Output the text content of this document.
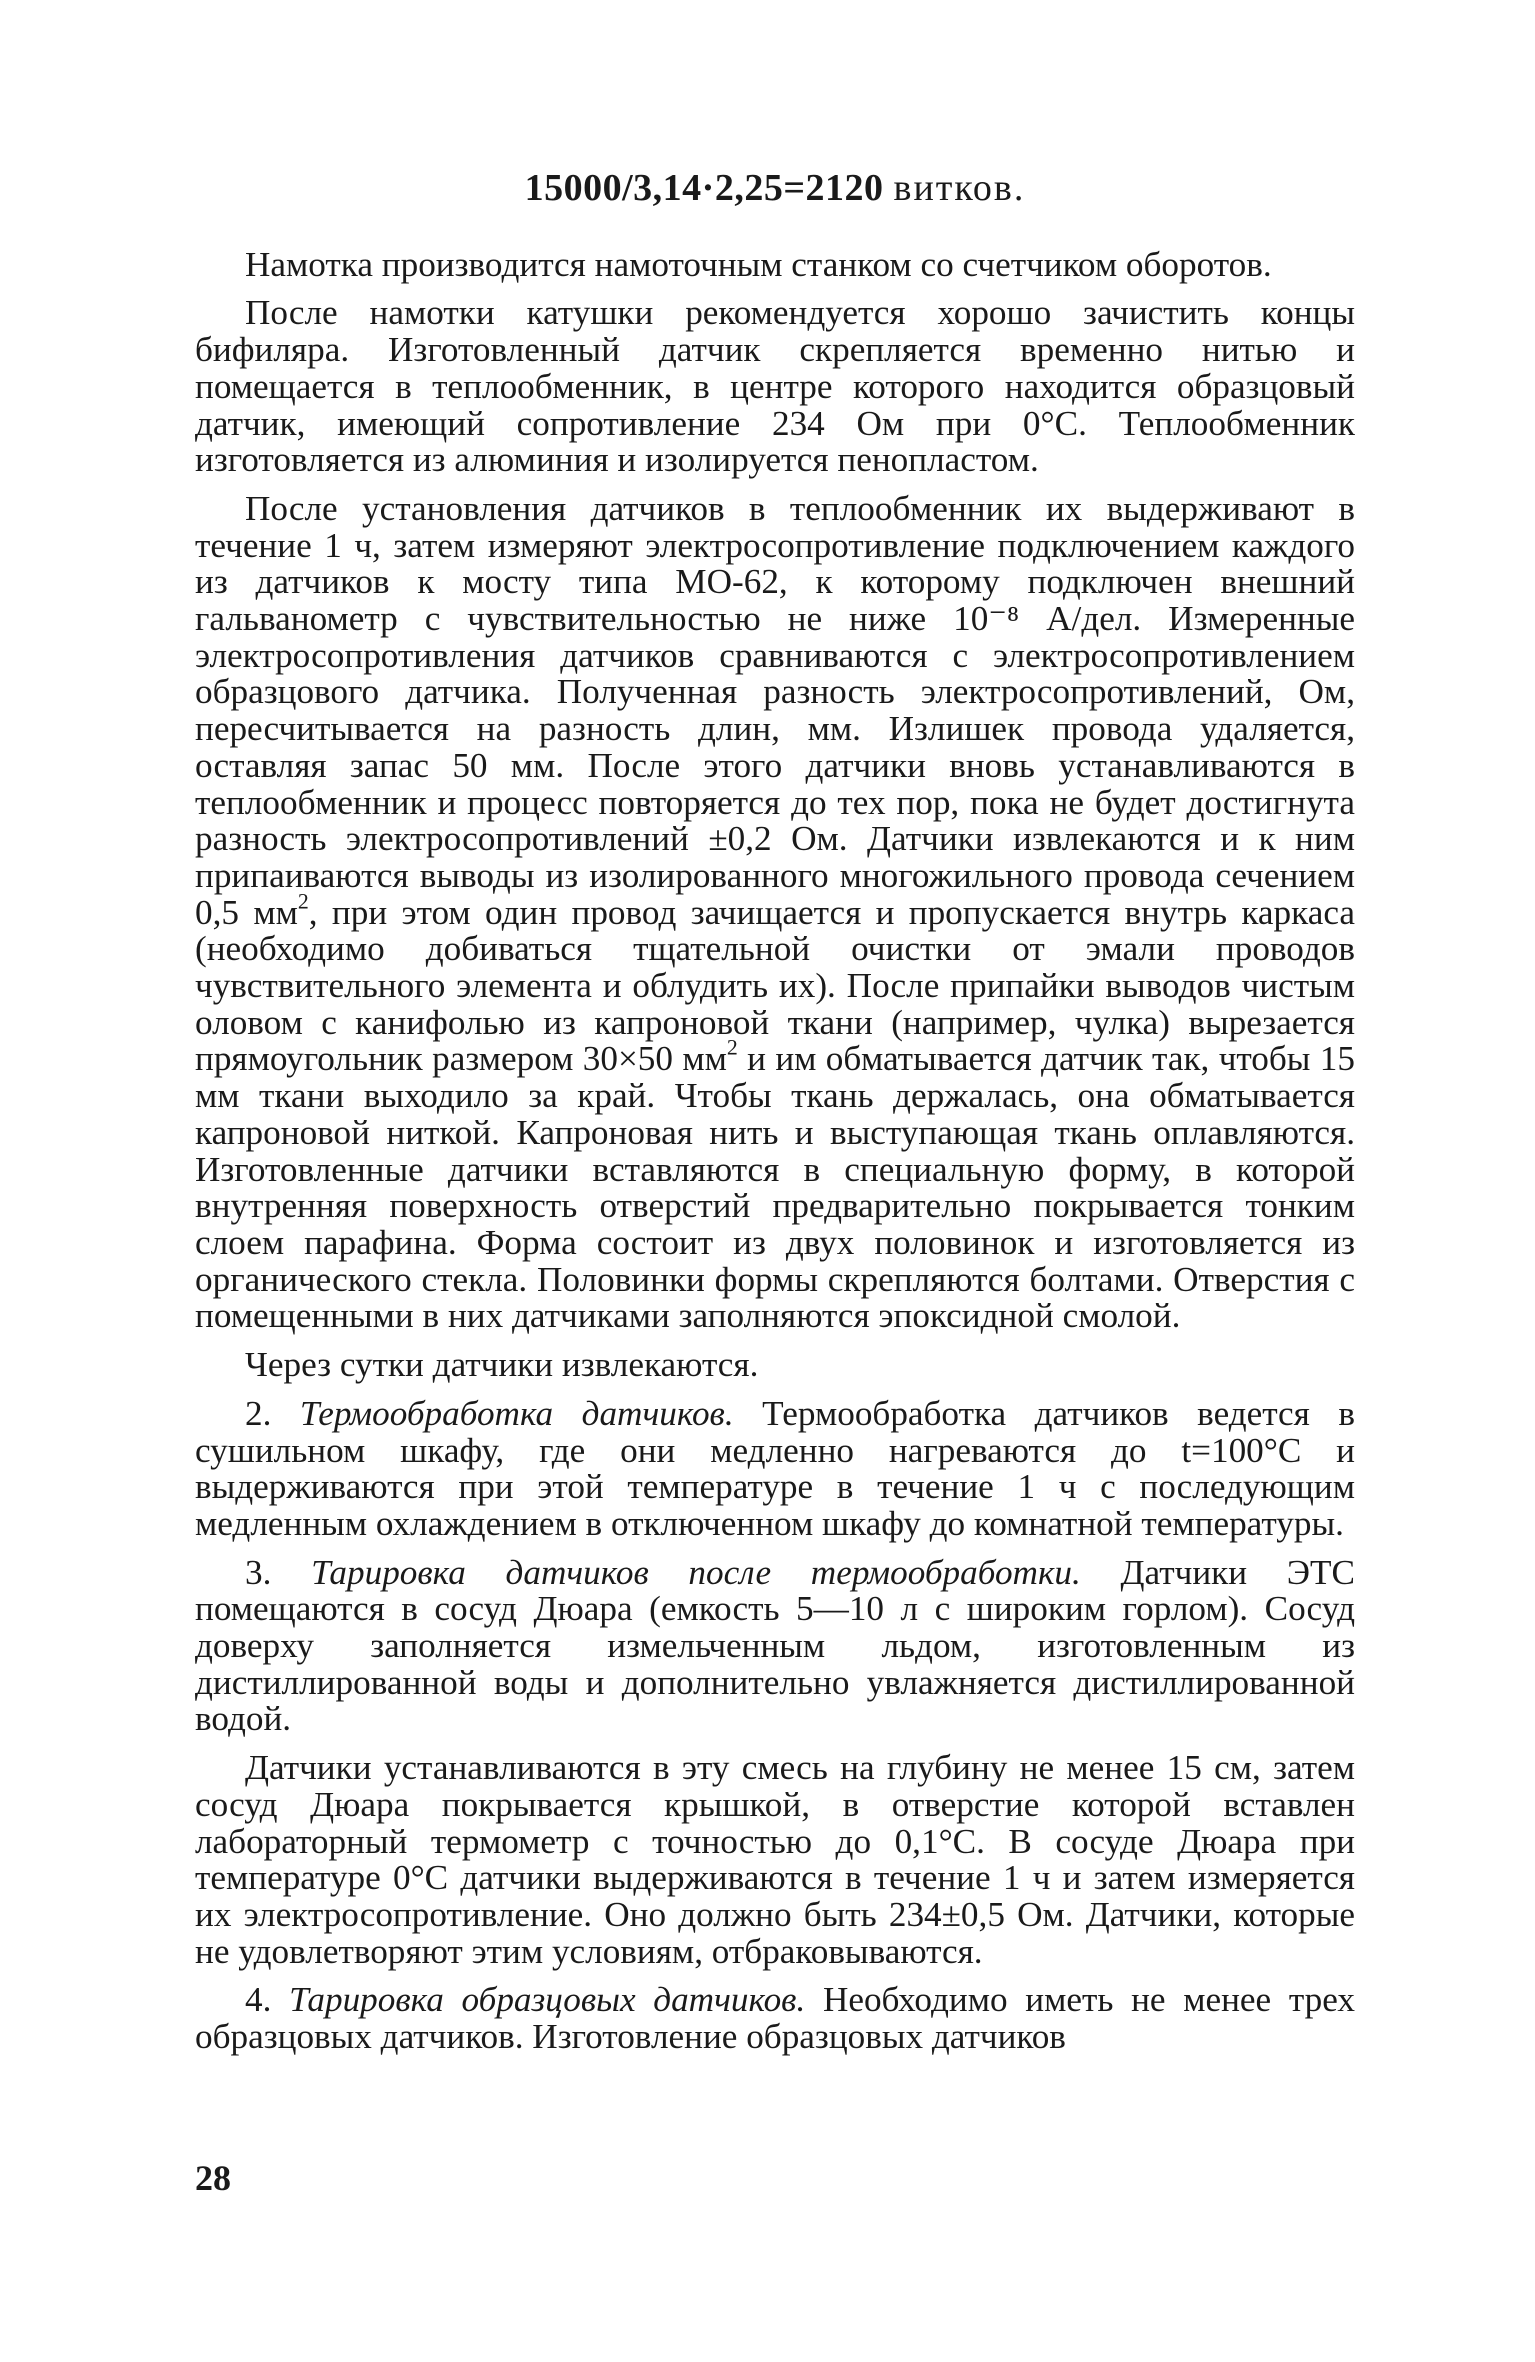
15000/3,14·2,25=2120 витков.

Намотка производится намоточным станком со счетчиком оборотов.

После намотки катушки рекомендуется хорошо зачистить концы бифиляра. Изготовленный датчик скрепляется временно нитью и помещается в теплообменник, в центре которого находится образцовый датчик, имеющий сопротивление 234 Ом при 0°С. Теплообменник изготовляется из алюминия и изолируется пенопластом.

После установления датчиков в теплообменник их выдерживают в течение 1 ч, затем измеряют электросопротивление подключением каждого из датчиков к мосту типа МО-62, к которому подключен внешний гальванометр с чувствительностью не ниже 10⁻⁸ А/дел. Измеренные электросопротивления датчиков сравниваются с электросопротивлением образцового датчика. Полученная разность электросопротивлений, Ом, пересчитывается на разность длин, мм. Излишек провода удаляется, оставляя запас 50 мм. После этого датчики вновь устанавливаются в теплообменник и процесс повторяется до тех пор, пока не будет достигнута разность электросопротивлений ±0,2 Ом. Датчики извлекаются и к ним припаиваются выводы из изолированного многожильного провода сечением 0,5 $мм^2$, при этом один провод зачищается и пропускается внутрь каркаса (необходимо добиваться тщательной очистки от эмали проводов чувствительного элемента и облудить их). После припайки выводов чистым оловом с канифолью из капроновой ткани (например, чулка) вырезается прямоугольник размером 30×50 $мм^2$ и им обматывается датчик так, чтобы 15 мм ткани выходило за край. Чтобы ткань держалась, она обматывается капроновой ниткой. Капроновая нить и выступающая ткань оплавляются. Изготовленные датчики вставляются в специальную форму, в которой внутренняя поверхность отверстий предварительно покрывается тонким слоем парафина. Форма состоит из двух половинок и изготовляется из органического стекла. Половинки формы скрепляются болтами. Отверстия с помещенными в них датчиками заполняются эпоксидной смолой.

Через сутки датчики извлекаются.

2. Термообработка датчиков. Термообработка датчиков ведется в сушильном шкафу, где они медленно нагреваются до t=100°С и выдерживаются при этой температуре в течение 1 ч с последующим медленным охлаждением в отключенном шкафу до комнатной температуры.

3. Тарировка датчиков после термообработки. Датчики ЭТС помещаются в сосуд Дюара (емкость 5—10 л с широким горлом). Сосуд доверху заполняется измельченным льдом, изготовленным из дистиллированной воды и дополнительно увлажняется дистиллированной водой.

Датчики устанавливаются в эту смесь на глубину не менее 15 см, затем сосуд Дюара покрывается крышкой, в отверстие которой вставлен лабораторный термометр с точностью до 0,1°С. В сосуде Дюара при температуре 0°С датчики выдерживаются в течение 1 ч и затем измеряется их электросопротивление. Оно должно быть 234±0,5 Ом. Датчики, которые не удовлетворяют этим условиям, отбраковываются.

4. Тарировка образцовых датчиков. Необходимо иметь не менее трех образцовых датчиков. Изготовление образцовых датчиков

28
